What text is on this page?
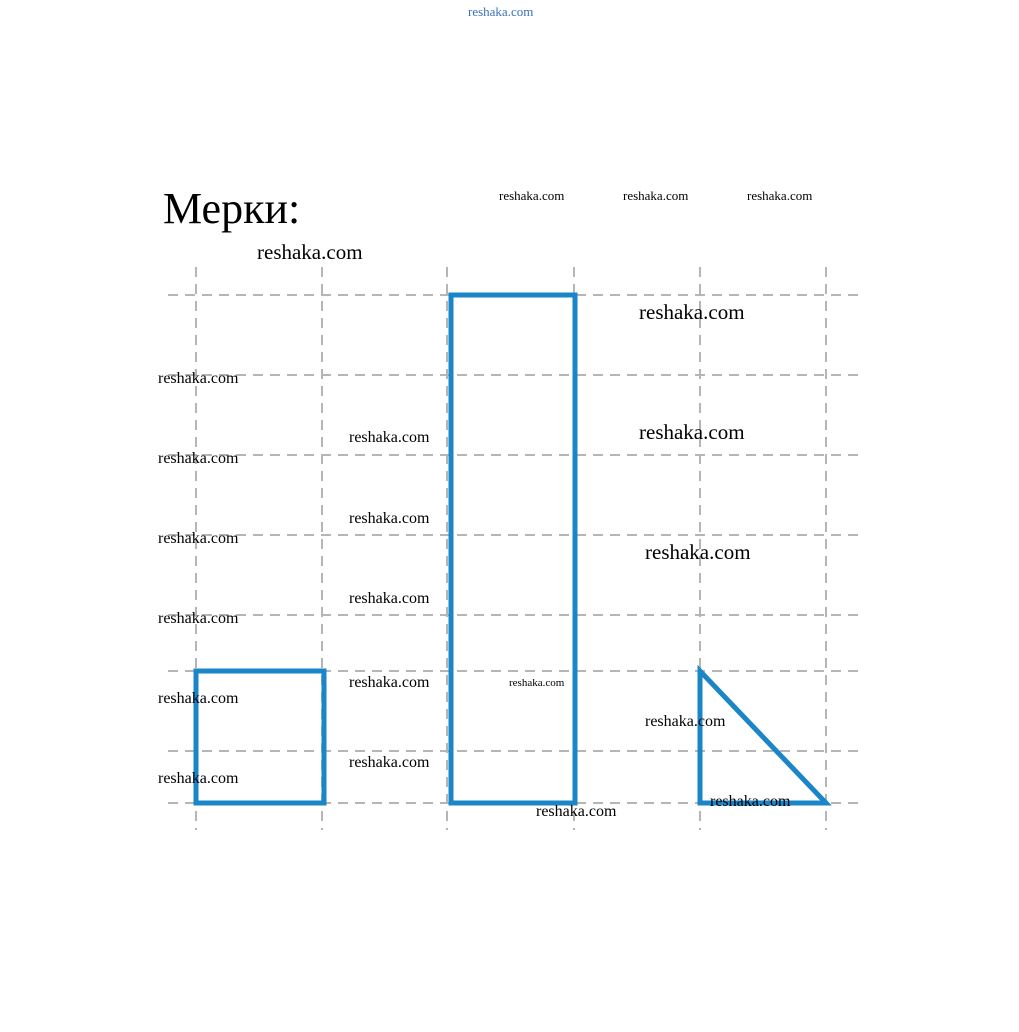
Мерки:
reshaka.com
reshaka.com	reshaka.com	reshaka.com
reshaka.com
reshaka.com
reshaka.com
reshaka.com	reshaka.com
reshaka.com
reshaka.com
reshaka.com
reshaka.com
reshaka.com
reshaka.com
reshaka.com	reshaka.com
reshaka.com
reshaka.com
reshaka.com
reshaka.com
reshaka.com
reshaka.com
